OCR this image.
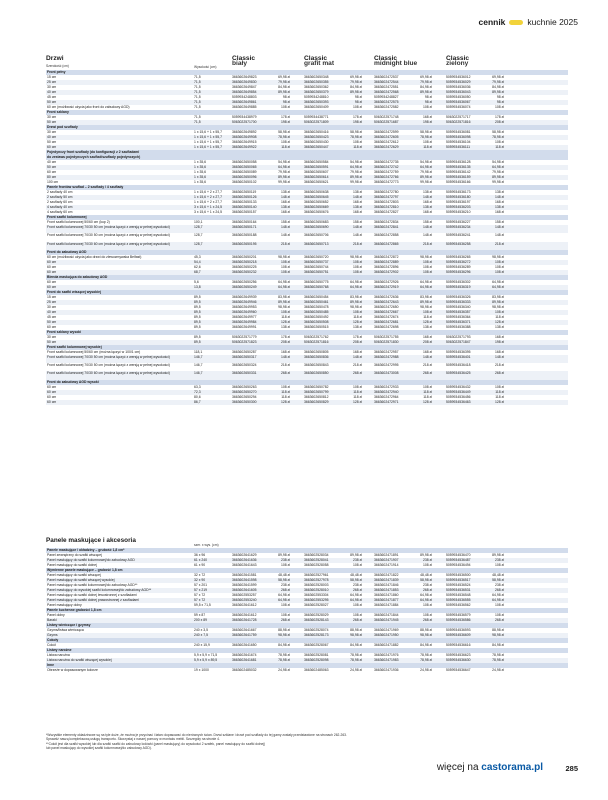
cennik	kuchnie 2025
Drzwi
Szerokość (cm)	Wysokość (cm)
Classic
biały
Classic
grafit mat
Classic
midnight blue
Classic
zielony
Front pełny
15 cm	71,5	3663602649823	69,98 zł	3663602650348	69,98 zł	3663602472537	69,98 zł	5059934536012	69,98 zł
25 cm	71,5	3663602649830	79,98 zł	3663602650355	79,98 zł	3663602472544	79,98 zł	5059934536029	79,98 zł
30 cm	71,5	3663602649847	84,98 zł	3663602650362	84,98 zł	3663602472551	84,98 zł	5059934536036	84,98 zł
40 cm	71,5	3663602649854	89,98 zł	3663602650379	89,98 zł	3663602472568	89,98 zł	5059934536043	89,98 zł
45 cm	71,5	5059934248803	98 zł	5059934248810	98 zł	5059934248827	98 zł	5059934536050	98 zł
50 cm	71,5	3663602649861	98 zł	3663602650393	98 zł	3663602472575	98 zł	5059934536067	98 zł
60 cm (możliwość użycia jako front do zabudowy AGD)	71,5	3663602649885	108 zł	3663602650409	108 zł	3663602472582	108 zł	5059934536074	108 zł
Front szklany
30 cm	71,5	5059934438979	178 zł	5059934438771	178 zł	5063022571748	168 zł	5063022571717	178 zł
50 cm	71,5	5063022571700	198 zł	5063022571809	198 zł	5063022571687	198 zł	5063022571816	208 zł
Drzwi pod szuflady
30 cm	1 x 15,6 + 1 x 55,7	3663602649892	58,98 zł	3663602650416	58,98 zł	3663602472599	58,98 zł	5059934536081	58,98 zł
40 cm	1 x 15,6 + 1 x 55,7	3663602649908	78,98 zł	3663602650423	78,98 zł	3663602472605	78,98 zł	5059934536098	78,98 zł
50 cm	1 x 15,6 + 1 x 55,7	3663602649915	108 zł	3663602650430	108 zł	3663602472612	108 zł	5059934536104	108 zł
60 cm	1 x 15,6 + 1 x 55,7	3663602649922	118 zł	3663602650447	118 zł	3663602472629	118 zł	5059934536111	118 zł
Pojedynczy front szuflady (do konfiguracji z 2 szufladami
do zestawu pojedynczych szuflad/szuflady pojedynczych)
40 cm	1 x 35,6	3663602650058	54,98 zł	3663602650584	54,98 zł	3663602472735	54,98 zł	5059934536128	54,98 zł
50 cm	1 x 35,6	3663602650065	64,98 zł	3663602650591	64,98 zł	3663602472742	64,98 zł	5059934536135	64,98 zł
60 cm	1 x 35,6	3663602650089	79,98 zł	3663602650607	79,98 zł	3663602472759	79,98 zł	5059934536142	79,98 zł
80 cm	1 x 35,6	3663602650096	89,98 zł	3663602650614	89,98 zł	3663602472766	89,98 zł	5059934536159	89,98 zł
100 cm	1 x 35,6	3663602650102	99,98 zł	3663602650621	99,98 zł	3663602472773	99,98 zł	5059934536166	99,98 zł
Panele frontów szuflad – 2 szuflady / 4 szuflady
2 szuflady 40 cm	1 x 15,6 + 2 x 27,7	3663602650119	138 zł	3663602650638	138 zł	3663602472780	138 zł	5059934536173	138 zł
2 szuflady 50 cm	1 x 15,6 + 2 x 27,7	3663602650126	148 zł	3663602650645	148 zł	3663602472797	148 zł	5059934536180	148 zł
2 szuflady 60 cm	1 x 15,6 + 2 x 27,7	3663602650133	168 zł	3663602650652	168 zł	3663602472803	168 zł	5059934536197	168 zł
4 szuflady 40 cm	3 x 15,6 + 1 x 24,5	3663602650140	138 zł	3663602650669	138 zł	3663602472810	138 zł	5059934536203	138 zł
4 szuflady 60 cm	3 x 15,6 + 1 x 24,5	3663602650157	168 zł	3663602650676	168 zł	3663602472827	168 zł	5059934536210	168 zł
Front szafki kolumnowej
Front szafki kolumnowej 50/60 cm (kup 2)	100,1	3663602650164	158 zł	3663602650683	158 zł	3663602472834	158 zł	5059934536227	158 zł
Front szafki kolumnowej 70/30 50 cm (można łączyć z wersją w pełnej wysokości)	128,7	3663602650171	148 zł	3663602650690	148 zł	3663602472841	148 zł	5059934536234	148 zł
Front szafki kolumnowej 70/30 50 cm (można łączyć z wersją w pełnej wysokości)	128,7	3663602650188	148 zł	3663602650706	148 zł	3663602472858	148 zł	5059934536241	148 zł
Front szafki kolumnowej 70/30 60 cm (można łączyć z wersją w pełnej wysokości)	128,7	3663602650195	218 zł	3663602650713	218 zł	3663602472865	218 zł	5059934536258	218 zł
Front do zabudowy AGD
60 cm (możliwość użycia jako drzwi do zlewozmywaka Belfast)	45,3	3663602650201	98,98 zł	3663602650720	98,98 zł	3663602472872	98,98 zł	5059934536265	98,98 zł
60 cm	54,4	3663602650218	108 zł	3663602650737	108 zł	3663602472889	108 zł	5059934536272	108 zł
60 cm	62,6	3663602650225	108 zł	3663602650744	108 zł	3663602472896	108 zł	5059934536289	108 zł
60 cm	68,7	3663602650232	108 zł	3663602650751	108 zł	3663602472902	108 zł	5059934536296	108 zł
Blenda maskująca do zabudowy AGD
60 cm	5,6	3663602650256	64,98 zł	3663602650775	64,98 zł	3663602472926	64,98 zł	5059934536302	64,98 zł
60 cm	13,8	3663602650249	64,98 zł	3663602650768	64,98 zł	3663602472919	64,98 zł	5059934536319	64,98 zł
Front do szafki wiszącej wysokiej
15 cm	89,5	3663602649939	83,98 zł	3663602650454	83,98 zł	3663602472636	83,98 zł	5059934536326	83,98 zł
25 cm	89,5	3663602649946	89,98 zł	3663602650461	89,98 zł	3663602472643	89,98 zł	5059934536333	89,98 zł
30 cm	89,5	3663602649953	98,98 zł	3663602650478	98,98 zł	3663602472650	98,98 zł	5059934536340	98,98 zł
40 cm	89,5	3663602649960	108 zł	3663602650485	108 zł	3663602472667	108 zł	5059934536357	108 zł
45 cm	89,5	3663602649977	118 zł	3663602650492	118 zł	3663602472674	118 zł	5059934536364	118 zł
50 cm	89,5	3663602649984	128 zł	3663602650508	128 zł	3663602472681	128 zł	5059934536371	128 zł
60 cm	89,5	3663602649991	138 zł	3663602650515	138 zł	3663602472698	138 zł	5059934536388	138 zł
Front szklany wysoki
30 cm	89,5	5063022571779	178 zł	5063022571762	178 zł	5063022571755	168 zł	5063022571793	168 zł
50 cm	89,5	5063022571823	208 zł	5063022571816	208 zł	5063022571830	208 zł	5063022571847	198 zł
Front szafki kolumnowej wysokiej
Front szafki kolumnowej 50/60 cm (można łączyć w 100/1 cm)	118,1	3663602650287	168 zł	3663602650805	168 zł	3663602472957	168 zł	5059934536395	168 zł
Front szafki kolumnowej 70/30 50 cm (można łączyć z wersją w pełnej wysokości)	146,7	3663602650317	148 zł	3663602650836	148 zł	3663602472988	148 zł	5059934536401	148 zł
Front szafki kolumnowej 70/30 50 cm (można łączyć z wersją w pełnej wysokości)	146,7	3663602650324	218 zł	3663602650843	218 zł	3663602472995	218 zł	5059934536418	218 zł
Front szafki kolumnowej 70/30 60 cm (można łączyć z wersją w pełnej wysokości)	146,7	3663602650331	268 zł	3663602650850	268 zł	3663602473008	268 zł	5059934536425	268 zł
Front do zabudowy AGD wysoki
60 cm	63,3	3663602650263	108 zł	3663602650782	108 zł	3663602472933	108 zł	5059934536432	108 zł
60 cm	72,3	3663602650270	118 zł	3663602650799	118 zł	3663602472940	118 zł	5059934536449	118 zł
60 cm	80,6	3663602650294	118 zł	3663602650812	118 zł	3663602472964	118 zł	5059934536456	118 zł
60 cm	86,7	3663602650300	128 zł	3663602650829	128 zł	3663602472971	128 zł	5059934536463	128 zł
Panele maskujące i akcesoria
szer. x wys. (cm)
Panele maskujące / okładziny – grubość 1,8 cm*
Panel zewnętrzny do szafki wiszącej	36 x 96	3663602641629	89,98 zł	3663602528034	89,98 zł	3663602471891	89,98 zł	5059934536470	89,98 zł
Panel maskujący do szafki kolumnowej/do zabudowy AGD	61 x 240	3663602641636	238 zł	3663602528041	238 zł	3663602471907	238 zł	5059934536487	238 zł
Panel maskujący do szafki dolnej	61 x 90	3663602641643	108 zł	3663602528058	108 zł	3663602471914	108 zł	5059934536494	108 zł
Wymienne panele maskujące – grubość 1,8 cm
Panel maskujący do szafki wiszącej	32 x 72	3663602641581	48,48 zł	3663602527961	48,48 zł	3663602471822	48,48 zł	5059934536500	48,48 zł
Panel maskujący do szafki wiszącej wysokiej	32 x 90	3663602641598	58,98 zł	3663602527978	58,98 zł	3663602471839	58,98 zł	5059934536517	58,98 zł
Panel maskujący do szafki kolumnowej/do zabudowy AGD**	57 x 201	3663602641599	238 zł	3663602528003	238 zł	3663602471846	238 zł	5059934536524	238 zł
Panel maskujący do wysokiej szafki kolumnowej/do zabudowy AGD**	57 x 219	3663602641605	268 zł	3663602528010	268 zł	3663602471853	268 zł	5059934536531	268 zł
Panel maskujący do szafki dolnej lewostronnej z szufladami	57 x 72	3663602553257	64,98 zł	3663602553304	64,98 zł	3663602471860	64,98 zł	5059934536548	64,98 zł
Panel maskujący do szafki dolnej prawostronnej z szufladami	57 x 72	3663602553240	64,98 zł	3663602553295	64,98 zł	3663602471877	64,98 zł	5059934536555	64,98 zł
Panel maskujący dolny	59,5 x 71,5	3663602641612	108 zł	3663602528027	108 zł	3663602471884	108 zł	5059934536562	108 zł
Panele kuchenne grubości 1,8 cm
Panel dolny	59 x 87	3663602641612	108 zł	3663602528029	108 zł	3663602471844	108 zł	5059934536579	108 zł
Baraki	200 x 89	3663602641728	268 zł	3663602528143	268 zł	3663602471945	268 zł	5059934536586	268 zł
Listwy wieńczące i gzymsy
Gzyms/listwa wieńcząca	240 x 3,5	3663602641667	88,98 zł	3663602528074	88,98 zł	3663602471969	88,98 zł	5059934536593	88,98 zł
Gzyms	240 x 7,5	3663602641759	98,98 zł	3663602528173	98,98 zł	3663602471950	98,98 zł	5059934536609	98,98 zł
Cokoły
Cokół	240 x 15,9	3663602641650	84,98 zł	3663602528067	84,98 zł	3663602471882	84,98 zł	5059934536616	84,98 zł
Listwy narożne
Listwa narożna	5,9 x 5,9 x 71,5	3663602641674	78,98 zł	3663602528081	78,98 zł	3663602471976	78,98 zł	5059934536623	78,98 zł
Listwa narożna do szafki wiszącej wysokiej	5,9 x 5,9 x 89,5	3663602641681	78,98 zł	3663602528098	78,98 zł	3663602471983	78,98 zł	5059934536630	78,98 zł
Inne
Obrzeże w dopasowanym kolorze	19 x 1000	3663602485032	24,98 zł	3663602485063	24,98 zł	3663602471936	24,98 zł	5059934536647	24,98 zł
*Wszystkie elementy okładzinowe są na tyle duże, że można je przycinać i łatwo dopasować do nierównych ścian. Drzwi szklane i drzwi pod szuflady do tej gamy zostały przedstawione na stronach 262-263.
Sprawdź naszą kompleksową usługę transportu. Skorzystaj z naszej pomocy w montażu mebli. Szczegóły na stronie 4.
**Cokół jest dla szafki wysokiej lub dla szafki szafki do zabudowy lodówki (panel maskujący) do wysokości 2 szafek, panel maskujący do szafki dolnej)
lub panel maskujący do wysokiej szafki kolumnowej/do zabudowy AGD).
więcej na castorama.pl	285
